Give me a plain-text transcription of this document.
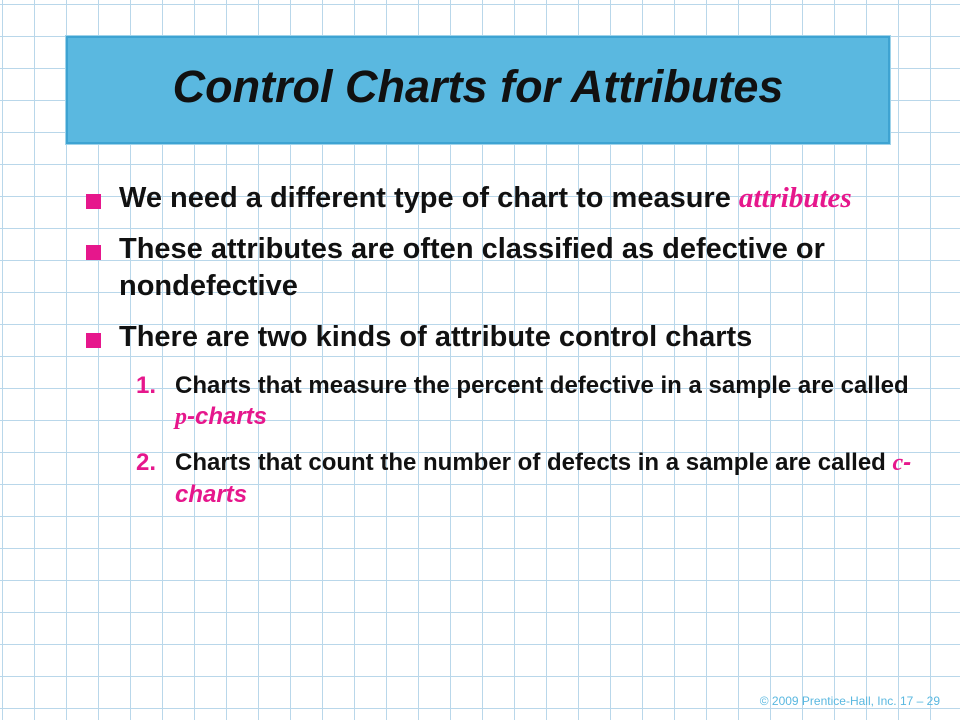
Control Charts for Attributes
We need a different type of chart to measure attributes
These attributes are often classified as defective or nondefective
There are two kinds of attribute control charts
1. Charts that measure the percent defective in a sample are called p-charts
2. Charts that count the number of defects in a sample are called c-charts
© 2009 Prentice-Hall, Inc. 17 – 29
